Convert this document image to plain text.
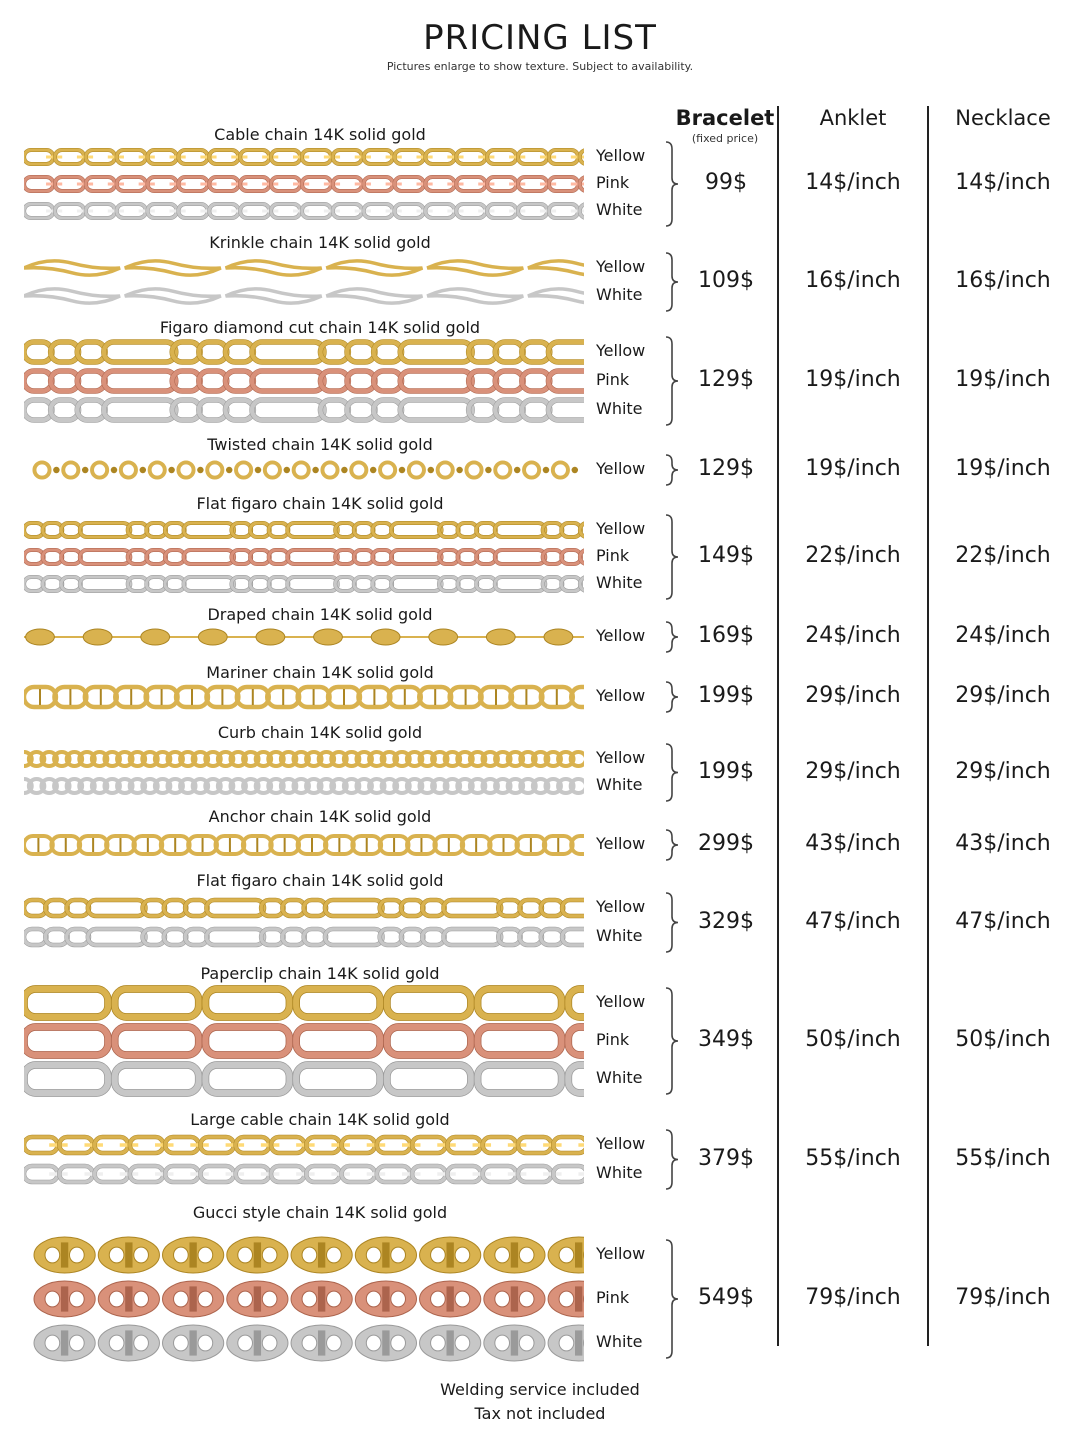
PRICING LIST
Pictures enlarge to show texture. Subject to availability.
Bracelet
(fixed price)
Anklet	Necklace
Cable chain 14K solid gold
Yellow
Pink
White
99$	14$/inch	14$/inch
Krinkle chain 14K solid gold
Yellow
White
109$	16$/inch	16$/inch
Figaro diamond cut chain 14K solid gold
Yellow
Pink
White
129$	19$/inch	19$/inch
Twisted chain 14K solid gold
Yellow	129$	19$/inch	19$/inch
Flat figaro chain 14K solid gold
Yellow
Pink
White
149$	22$/inch	22$/inch
Draped chain 14K solid gold
Yellow	169$	24$/inch	24$/inch
Mariner chain 14K solid gold
Yellow	199$	29$/inch	29$/inch
Curb chain 14K solid gold
Yellow
White
199$	29$/inch	29$/inch
Anchor chain 14K solid gold
Yellow	299$	43$/inch	43$/inch
Flat figaro chain 14K solid gold
Yellow
White
329$	47$/inch	47$/inch
Paperclip chain 14K solid gold
Yellow
Pink
White
349$	50$/inch	50$/inch
Large cable chain 14K solid gold
Yellow
White
379$	55$/inch	55$/inch
Gucci style chain 14K solid gold
Yellow
Pink
White
549$	79$/inch	79$/inch
Welding service included
Tax not included
